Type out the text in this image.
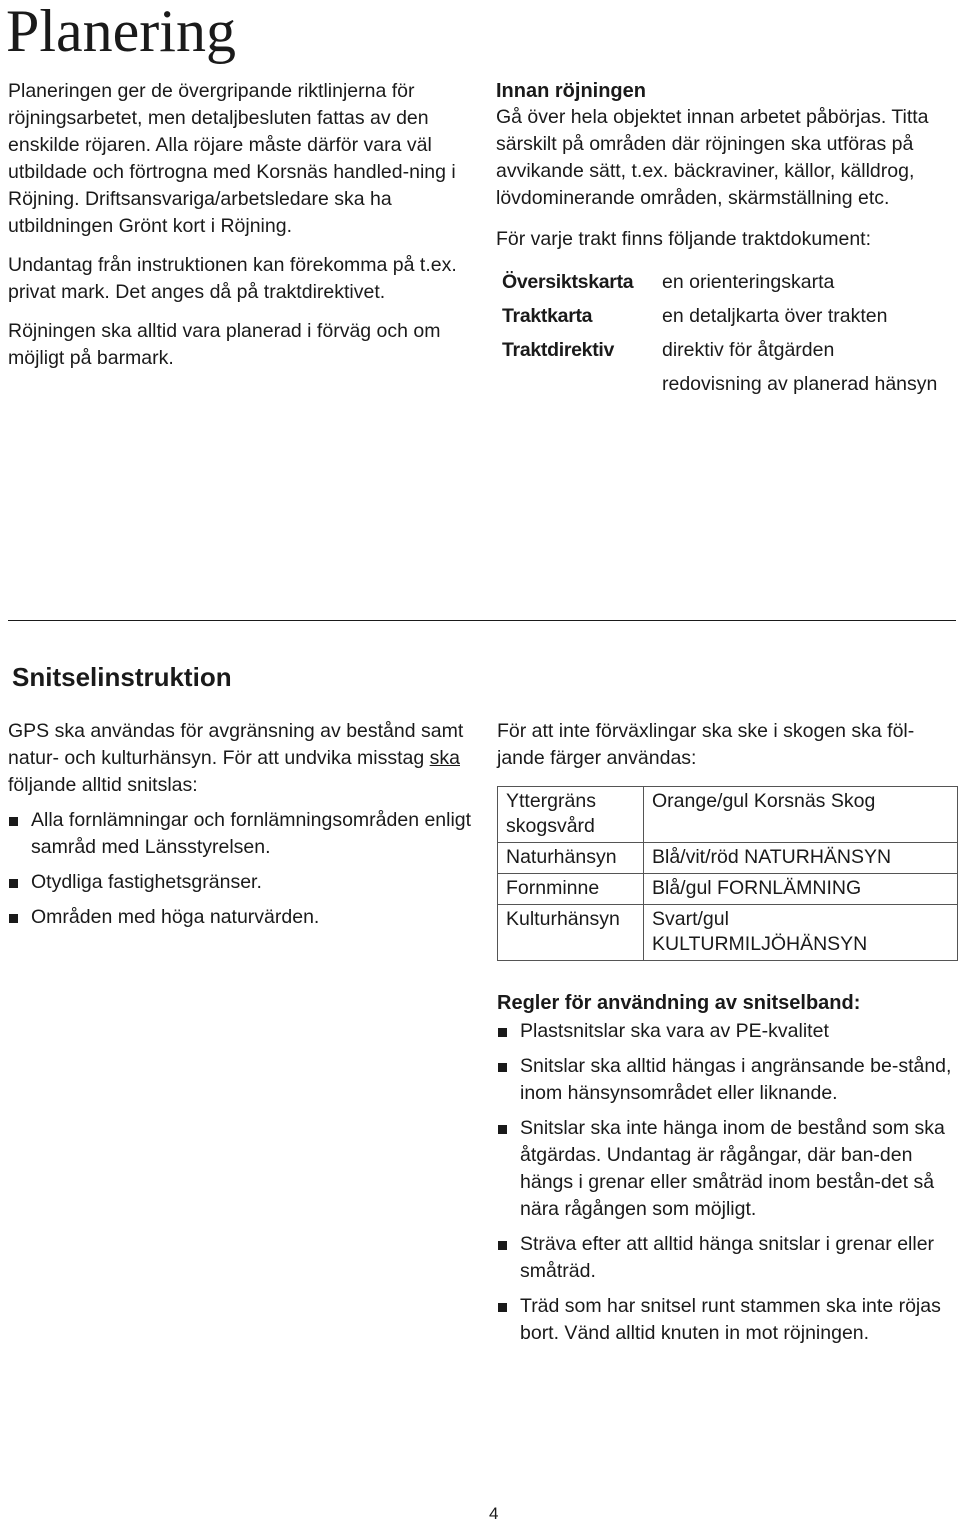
Planering

Planeringen ger de övergripande riktlinjerna för röjningsarbetet, men detaljbesluten fattas av den enskilde röjaren. Alla röjare måste därför vara väl utbildade och förtrogna med Korsnäs handled-ning i Röjning. Driftsansvariga/arbetsledare ska ha utbildningen Grönt kort i Röjning.

Undantag från instruktionen kan förekomma på t.ex. privat mark. Det anges då på traktdirektivet.

Röjningen ska alltid vara planerad i förväg och om möjligt på barmark.

Innan röjningen

Gå över hela objektet innan arbetet påbörjas. Titta särskilt på områden där röjningen ska utföras på avvikande sätt, t.ex. bäckraviner, källor, källdrog, lövdominerande områden, skärmställning etc.

För varje trakt finns följande traktdokument:

Översiktskarta	en orienteringskarta
Traktkarta	en detaljkarta över trakten
Traktdirektiv	direktiv för åtgärden
	redovisning av planerad hänsyn
Snitselinstruktion

GPS ska användas för avgränsning av bestånd samt natur- och kulturhänsyn. För att undvika misstag ska följande alltid snitslas:

Alla fornlämningar och fornlämningsområden enligt samråd med Länsstyrelsen.
Otydliga fastighetsgränser.
Områden med höga naturvärden.

För att inte förväxlingar ska ske i skogen ska föl-jande färger användas:

Yttergräns skogsvård	Orange/gul Korsnäs Skog
Naturhänsyn	Blå/vit/röd NATURHÄNSYN
Fornminne	Blå/gul FORNLÄMNING
Kulturhänsyn	Svart/gul KULTURMILJÖHÄNSYN
Regler för användning av snitselband:
Plastsnitslar ska vara av PE-kvalitet
Snitslar ska alltid hängas i angränsande be-stånd, inom hänsynsområdet eller liknande.
Snitslar ska inte hänga inom de bestånd som ska åtgärdas. Undantag är rågångar, där ban-den hängs i grenar eller småträd inom bestån-det så nära rågången som möjligt.
Sträva efter att alltid hänga snitslar i grenar eller småträd.
Träd som har snitsel runt stammen ska inte röjas bort. Vänd alltid knuten in mot röjningen.
4
